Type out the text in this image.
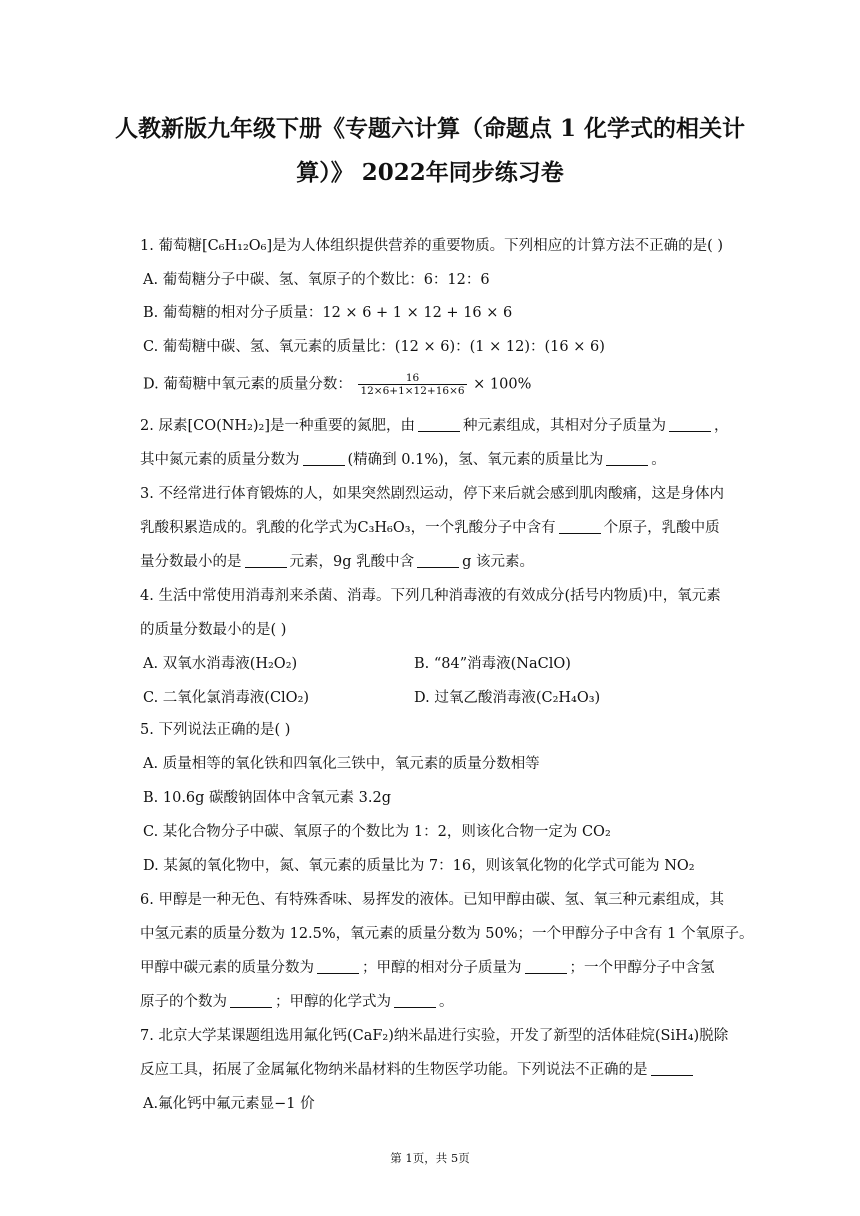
人教新版九年级下册《专题六计算（命题点 1 化学式的相关计
算）》 2022年同步练习卷
1. 葡萄糖[C₆H₁₂O₆]是为人体组织提供营养的重要物质。下列相应的计算方法不正确的是( )
A. 葡萄糖分子中碳、氢、氧原子的个数比：6：12：6
B. 葡萄糖的相对分子质量：12 × 6 + 1 × 12 + 16 × 6
C. 葡萄糖中碳、氢、氧元素的质量比：(12 × 6)：(1 × 12)：(16 × 6)
D. 葡萄糖中氧元素的质量分数： $\frac{16}{12\times 6+1\times 12+16\times 6} \times 100\%$
2. 尿素[CO(NH₂)₂]是一种重要的氮肥，由	种元素组成，其相对分子质量为	，
其中氮元素的质量分数为	(精确到 0.1%)，氢、氧元素的质量比为	。
3. 不经常进行体育锻炼的人，如果突然剧烈运动，停下来后就会感到肌肉酸痛，这是身体内
乳酸积累造成的。乳酸的化学式为C₃H₆O₃，一个乳酸分子中含有	个原子，乳酸中质
量分数最小的是	元素，9g 乳酸中含	g 该元素。
4. 生活中常使用消毒剂来杀菌、消毒。下列几种消毒液的有效成分(括号内物质)中，氧元素
的质量分数最小的是( )
A. 双氧水消毒液(H₂O₂)	B. “84”消毒液(NaClO)
C. 二氧化氯消毒液(ClO₂)	D. 过氧乙酸消毒液(C₂H₄O₃)
5. 下列说法正确的是( )
A. 质量相等的氧化铁和四氧化三铁中，氧元素的质量分数相等
B. 10.6g 碳酸钠固体中含氧元素 3.2g
C. 某化合物分子中碳、氧原子的个数比为 1：2，则该化合物一定为 CO₂
D. 某氮的氧化物中，氮、氧元素的质量比为 7：16，则该氧化物的化学式可能为 NO₂
6. 甲醇是一种无色、有特殊香味、易挥发的液体。已知甲醇由碳、氢、氧三种元素组成，其
中氢元素的质量分数为 12.5%，氧元素的质量分数为 50%；一个甲醇分子中含有 1 个氧原子。
甲醇中碳元素的质量分数为	；甲醇的相对分子质量为	；一个甲醇分子中含氢
原子的个数为	；甲醇的化学式为	。
7. 北京大学某课题组选用氟化钙(CaF₂)纳米晶进行实验，开发了新型的活体硅烷(SiH₄)脱除
反应工具，拓展了金属氟化物纳米晶材料的生物医学功能。下列说法不正确的是
A.氟化钙中氟元素显−1 价
第 1页，共 5页
